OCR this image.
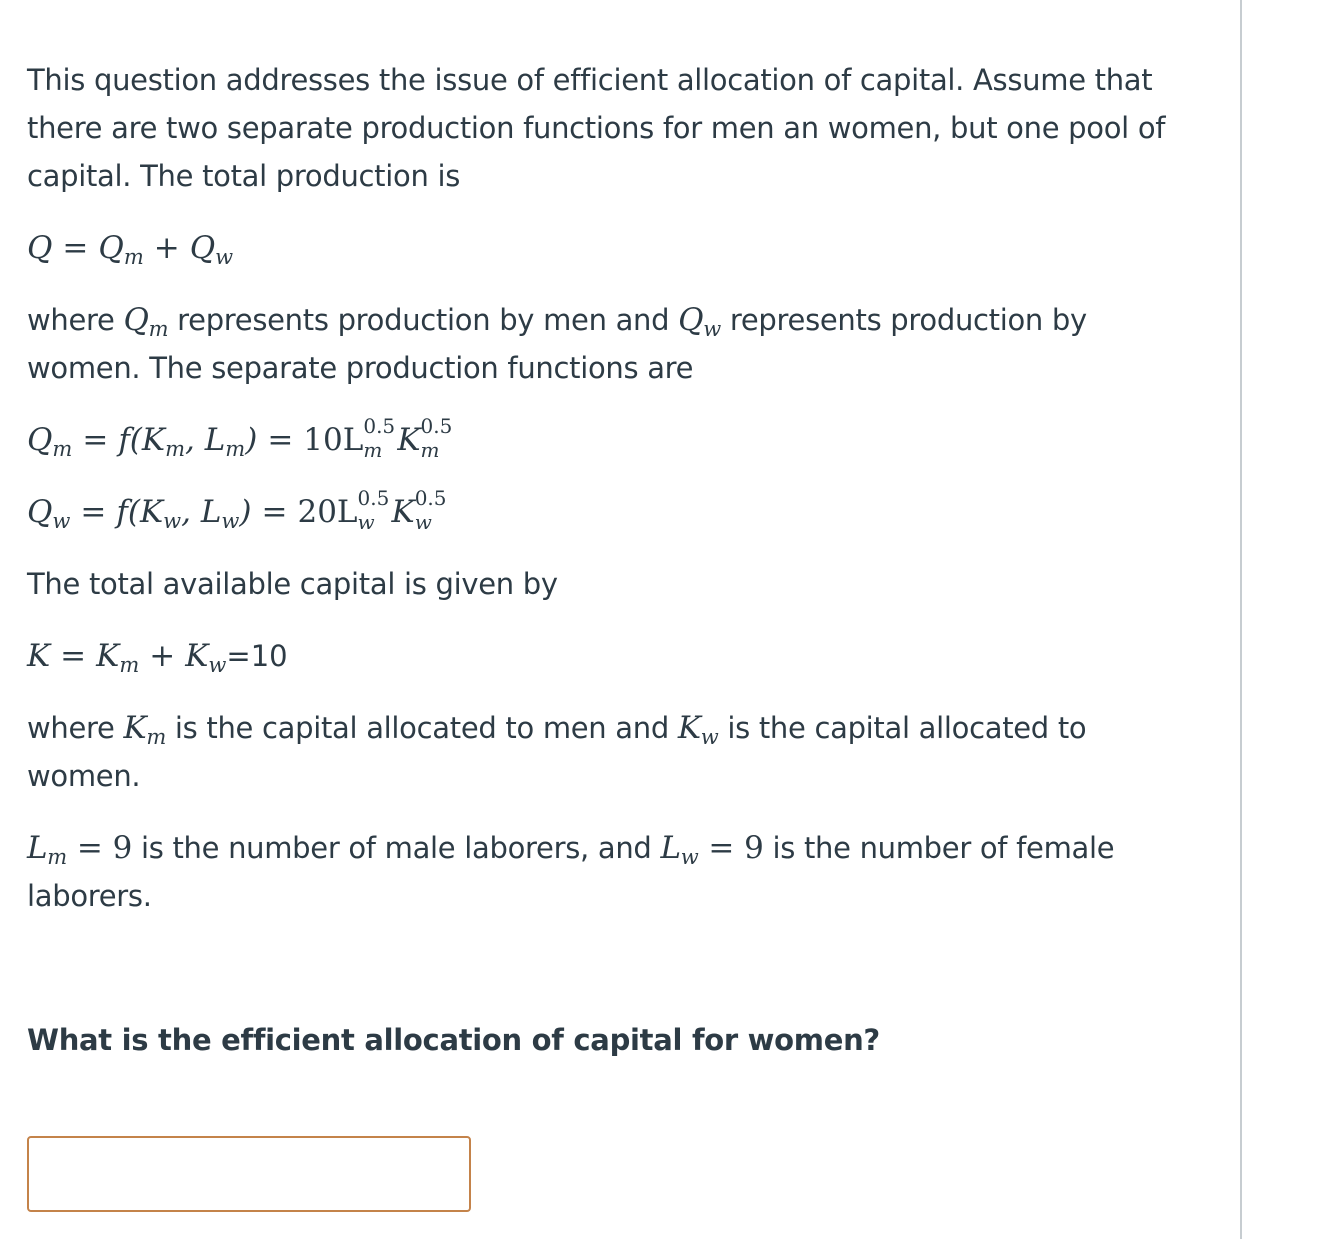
This question addresses the issue of efficient allocation of capital. Assume that there are two separate production functions for men an women, but one pool of capital. The total production is

$Q = Q_m + Q_w$

where $Q_m$ represents production by men and $Q_w$ represents production by women. The separate production functions are

$Q_m = f(K_m$, $L_m) = 10L$ 0.5
m K 0.5
m
$Q_w = f(K_w$, $L_w) = 20L$ 0.5
w K 0.5
w

The total available capital is given by

$K = K_m + K_w=10$

where $K_m$ is the capital allocated to men and $K_w$ is the capital allocated to women.

$L_m = 9$ is the number of male laborers, and $L_w = 9$ is the number of female laborers.

What is the efficient allocation of capital for women?
